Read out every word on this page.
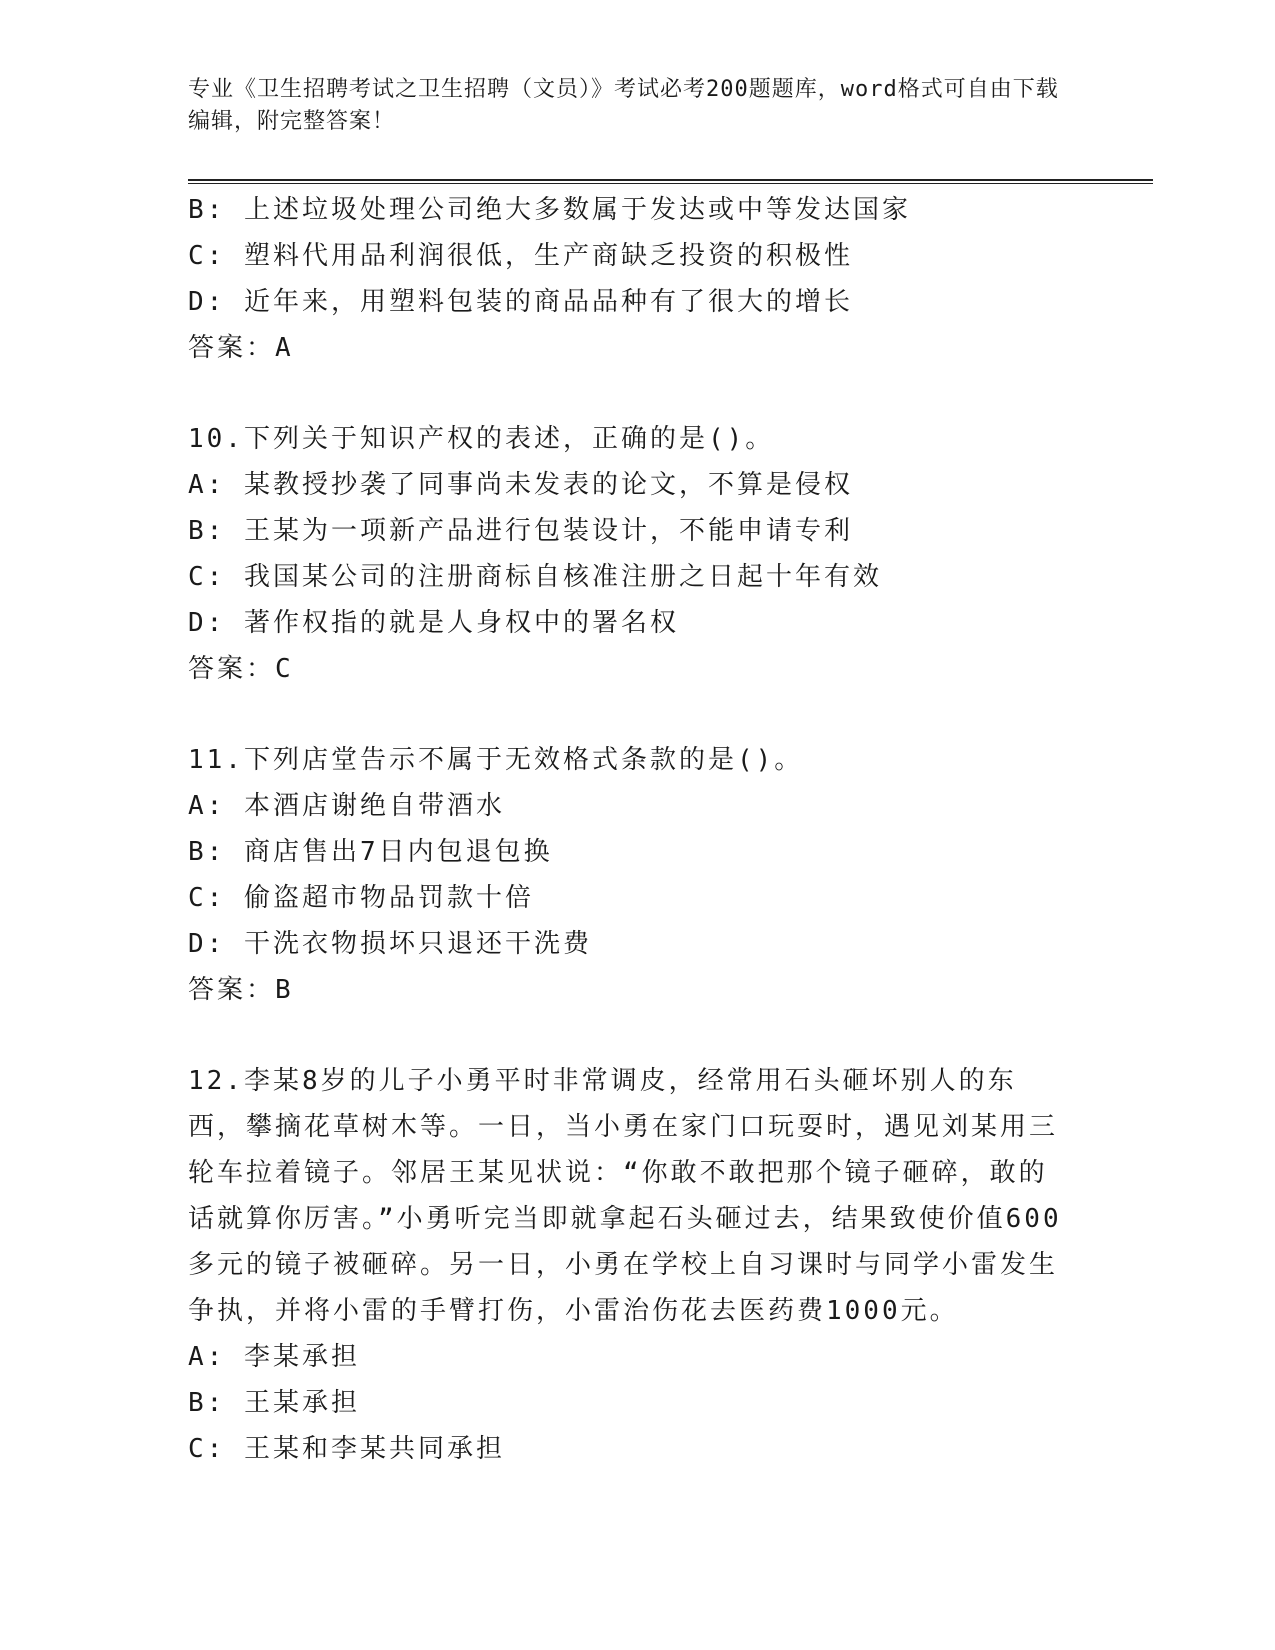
专业《卫生招聘考试之卫生招聘（文员）》考试必考200题题库，word格式可自由下载编辑，附完整答案！
B: 上述垃圾处理公司绝大多数属于发达或中等发达国家
C: 塑料代用品利润很低，生产商缺乏投资的积极性
D: 近年来，用塑料包装的商品品种有了很大的增长
答案：A
10.下列关于知识产权的表述，正确的是()。
A: 某教授抄袭了同事尚未发表的论文，不算是侵权
B: 王某为一项新产品进行包装设计，不能申请专利
C: 我国某公司的注册商标自核准注册之日起十年有效
D: 著作权指的就是人身权中的署名权
答案：C
11.下列店堂告示不属于无效格式条款的是()。
A: 本酒店谢绝自带酒水
B: 商店售出7日内包退包换
C: 偷盗超市物品罚款十倍
D: 干洗衣物损坏只退还干洗费
答案：B
12.李某8岁的儿子小勇平时非常调皮，经常用石头砸坏别人的东西，攀摘花草树木等。一日，当小勇在家门口玩耍时，遇见刘某用三轮车拉着镜子。邻居王某见状说：“你敢不敢把那个镜子砸碎，敢的话就算你厉害。”小勇听完当即就拿起石头砸过去，结果致使价值600多元的镜子被砸碎。另一日，小勇在学校上自习课时与同学小雷发生争执，并将小雷的手臂打伤，小雷治伤花去医药费1000元。
A: 李某承担
B: 王某承担
C: 王某和李某共同承担
